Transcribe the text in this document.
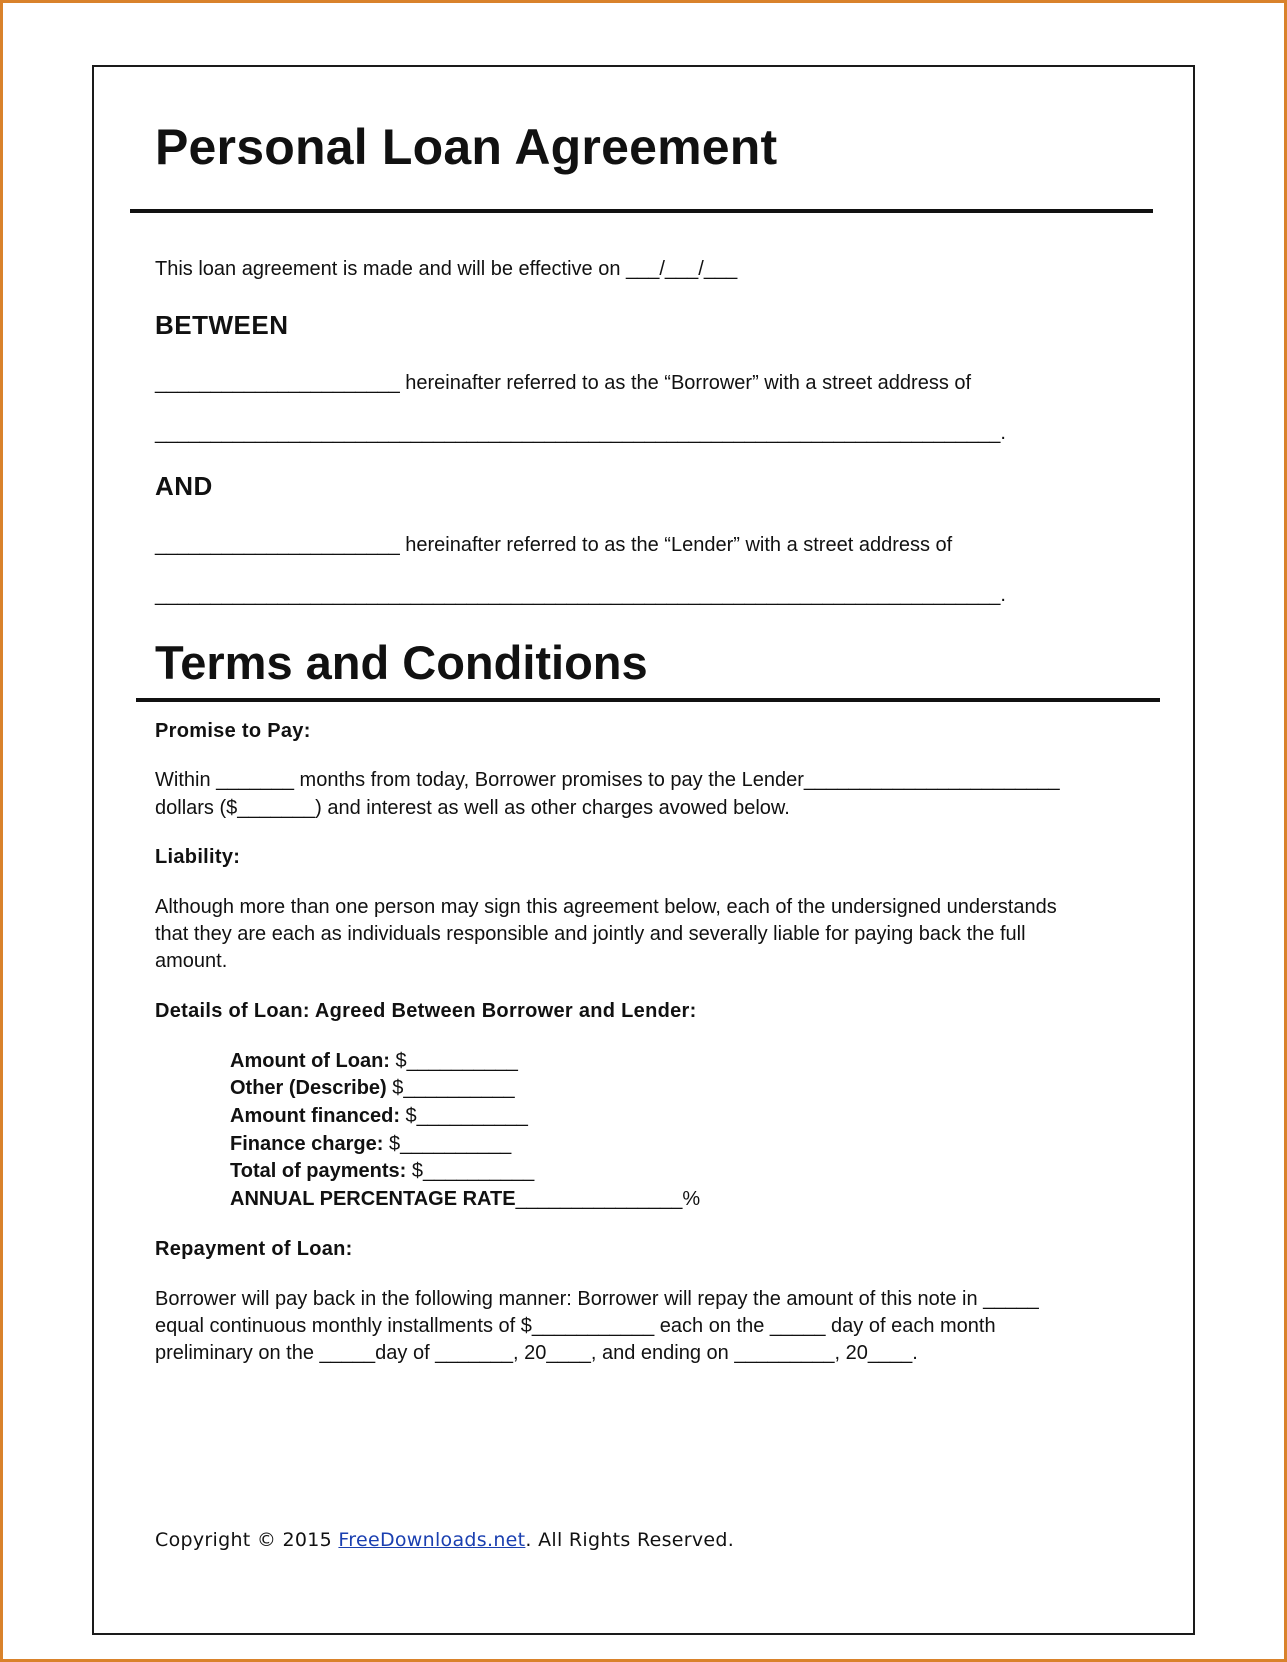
Personal Loan Agreement
This loan agreement is made and will be effective on ___/___/___
BETWEEN
______________________ hereinafter referred to as the “Borrower” with a street address of
____________________________________________________________________________.
AND
______________________ hereinafter referred to as the “Lender” with a street address of
____________________________________________________________________________.
Terms and Conditions
Promise to Pay:
Within _______ months from today, Borrower promises to pay the Lender_______________________
dollars ($_______) and interest as well as other charges avowed below.
Liability:
Although more than one person may sign this agreement below, each of the undersigned understands
that they are each as individuals responsible and jointly and severally liable for paying back the full
amount.
Details of Loan: Agreed Between Borrower and Lender:
Amount of Loan: $__________
Other (Describe) $__________
Amount financed: $__________
Finance charge: $__________
Total of payments: $__________
ANNUAL PERCENTAGE RATE_______________%
Repayment of Loan:
Borrower will pay back in the following manner: Borrower will repay the amount of this note in _____
equal continuous monthly installments of $___________ each on the _____ day of each month
preliminary on the _____day of _______, 20____, and ending on _________, 20____.
Copyright © 2015 FreeDownloads.net. All Rights Reserved.
